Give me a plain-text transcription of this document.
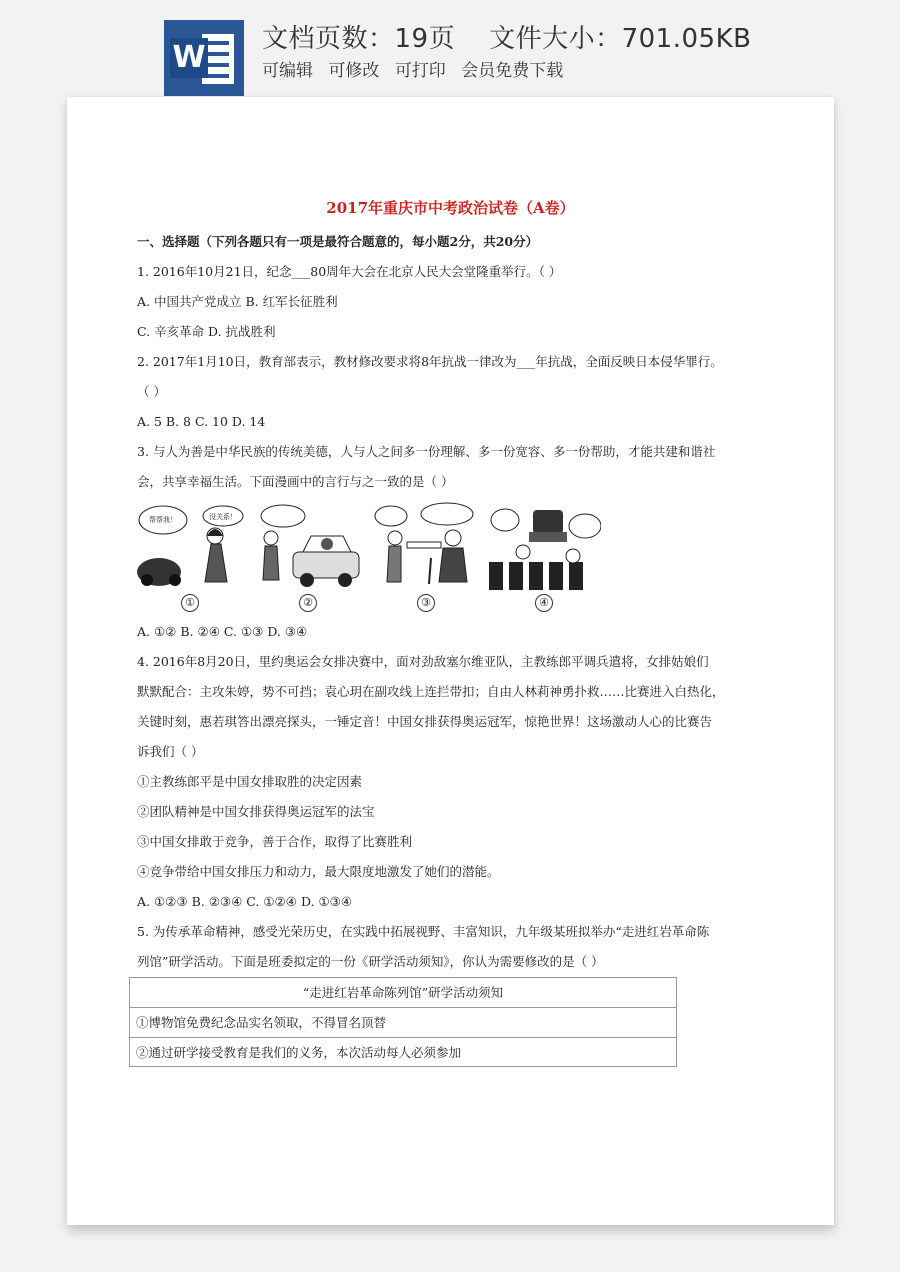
W
文档页数：19页 文件大小：701.05KB
可编辑 可修改 可打印 会员免费下载
2017年重庆市中考政治试卷（A卷）
一、选择题（下列各题只有一项是最符合题意的，每小题2分，共20分）
1. 2016年10月21日，纪念___80周年大会在北京人民大会堂隆重举行。（ ）
A. 中国共产党成立 B. 红军长征胜利
C. 辛亥革命 D. 抗战胜利
2. 2017年1月10日，教育部表示，教材修改要求将8年抗战一律改为___年抗战，全面反映日本侵华罪行。
（ ）
A. 5 B. 8 C. 10 D. 14
3. 与人为善是中华民族的传统美德，人与人之间多一份理解、多一份宽容、多一份帮助，才能共建和谐社
会，共享幸福生活。下面漫画中的言行与之一致的是（ ）
帮帮我！	没关系！
①	②	③	④
A. ①② B. ②④ C. ①③ D. ③④
4. 2016年8月20日，里约奥运会女排决赛中，面对劲敌塞尔维亚队，主教练郎平调兵遣将，女排姑娘们
默默配合：主攻朱婷，势不可挡；袁心玥在副攻线上连拦带扣；自由人林莉神勇扑救……比赛进入白热化，
关键时刻，惠若琪答出漂亮探头，一锤定音！中国女排获得奥运冠军，惊艳世界！这场激动人心的比赛告
诉我们（ ）
①主教练郎平是中国女排取胜的决定因素
②团队精神是中国女排获得奥运冠军的法宝
③中国女排敢于竞争，善于合作，取得了比赛胜利
④竞争带给中国女排压力和动力，最大限度地激发了她们的潜能。
A. ①②③ B. ②③④ C. ①②④ D. ①③④
5. 为传承革命精神，感受光荣历史，在实践中拓展视野、丰富知识，九年级某班拟举办“走进红岩革命陈
列馆”研学活动。下面是班委拟定的一份《研学活动须知》，你认为需要修改的是（ ）
“走进红岩革命陈列馆”研学活动须知
①博物馆免费纪念品实名领取，不得冒名顶替
②通过研学接受教育是我们的义务，本次活动每人必须参加
